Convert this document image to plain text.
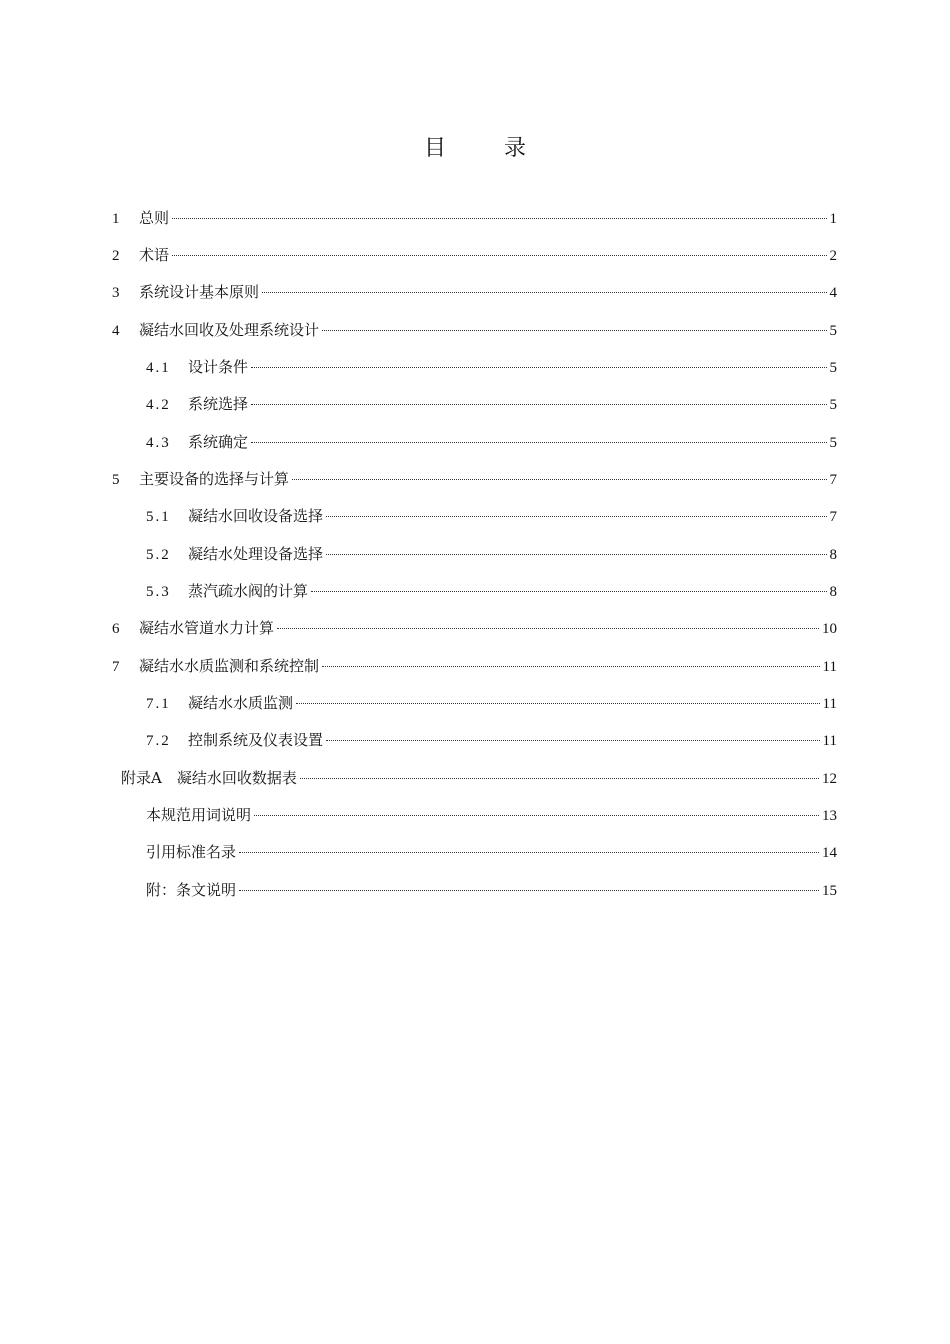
目　录
1	总则	1
2	术语	2
3	系统设计基本原则	4
4	凝结水回收及处理系统设计	5
4.1	设计条件	5
4.2	系统选择	5
4.3	系统确定	5
5	主要设备的选择与计算	7
5.1	凝结水回收设备选择	7
5.2	凝结水处理设备选择	8
5.3	蒸汽疏水阀的计算	8
6	凝结水管道水力计算	10
7	凝结水水质监测和系统控制	11
7.1	凝结水水质监测	11
7.2	控制系统及仪表设置	11
附录A　凝结水回收数据表	12
本规范用词说明	13
引用标准名录	14
附：条文说明	15
